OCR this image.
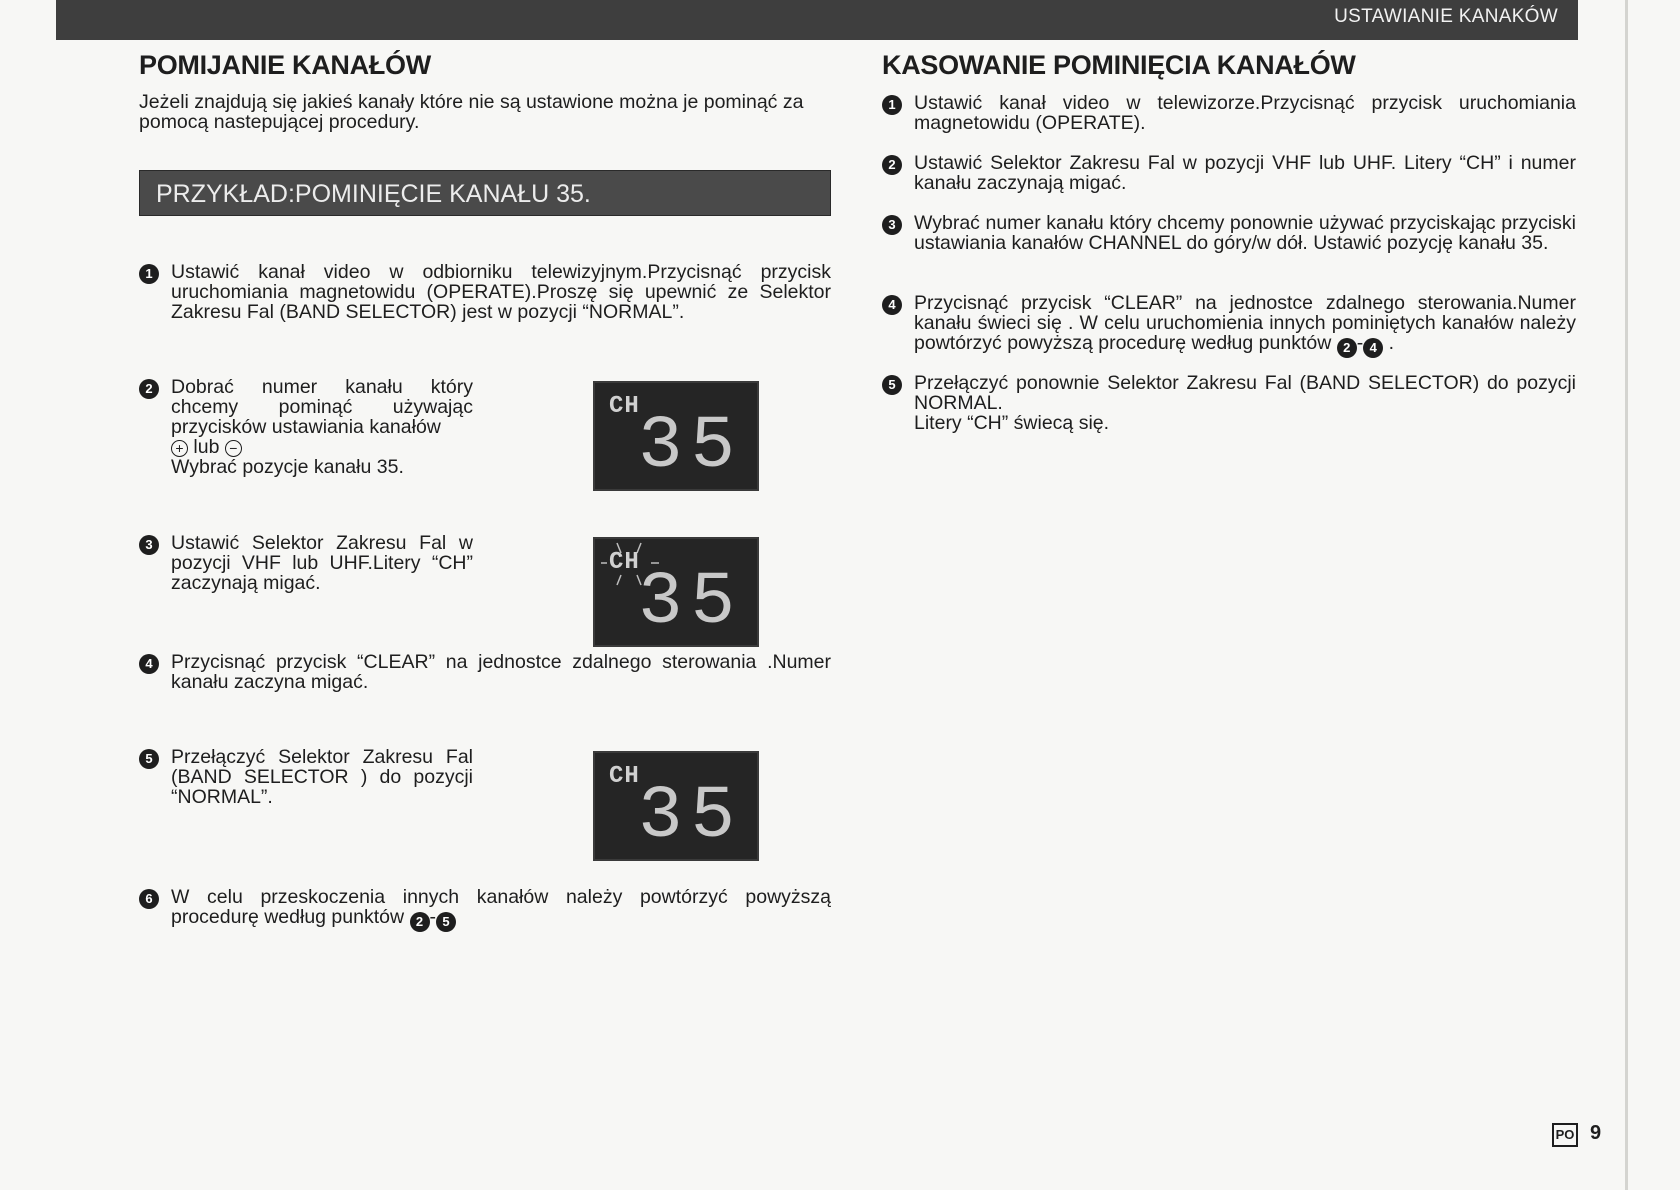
USTAWIANIE KANAKÓW
POMIJANIE KANAŁÓW

Jeżeli znajdują się jakieś kanały które nie są ustawione można je pominąć za pomocą nastepującej procedury.

PRZYKŁAD:POMINIĘCIE KANAŁU 35.
1 Ustawić kanał video w odbiorniku telewizyjnym.Przycisnąć przycisk uruchomiania magnetowidu (OPERATE).Proszę się upewnić ze Selektor Zakresu Fal (BAND SELECTOR) jest w pozycji “NORMAL”.

2 Dobrać numer kanału który chcemy pominąć używając przycisków ustawiania kanałów
+ lub −
Wybrać pozycje kanału 35.

CH
35
3 Ustawić Selektor Zakresu Fal w pozycji VHF lub UHF.Litery “CH” zaczynają migać.

CH
35
4 Przycisnąć przycisk “CLEAR” na jednostce zdalnego sterowania .Numer kanału zaczyna migać.

5 Przełączyć Selektor Zakresu Fal (BAND SELECTOR ) do pozycji “NORMAL”.

CH
35
6 W celu przeskoczenia innych kanałów należy powtórzyć powyższą procedurę według punktów 2 - 5

KASOWANIE POMINIĘCIA KANAŁÓW
1 Ustawić kanał video w telewizorze.Przycisnąć przycisk uruchomiania magnetowidu (OPERATE).

2 Ustawić Selektor Zakresu Fal w pozycji VHF lub UHF. Litery “CH” i numer kanału zaczynają migać.

3 Wybrać numer kanału który chcemy ponownie używać przyciskając przyciski ustawiania kanałów CHANNEL do góry/w dół. Ustawić pozycję kanału 35.

4 Przycisnąć przycisk “CLEAR” na jednostce zdalnego sterowania.Numer kanału świeci się . W celu uruchomienia innych pominiętych kanałów należy powtórzyć powyższą procedurę według punktów 2 - 4 .

5 Przełączyć ponownie Selektor Zakresu Fal (BAND SELECTOR) do pozycji NORMAL.
Litery “CH” świecą się.

PO 9
